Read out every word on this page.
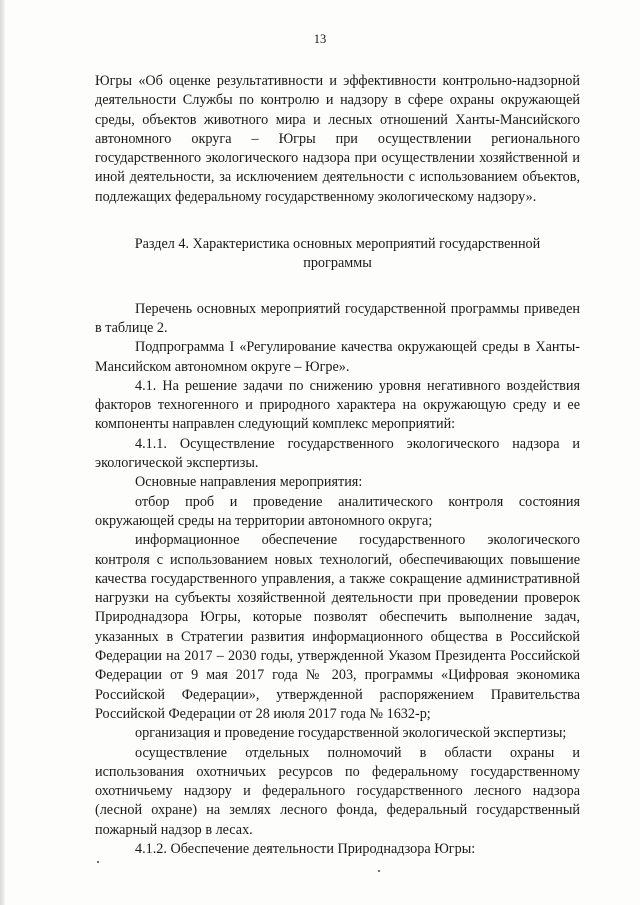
13

Югры «Об оценке результативности и эффективности контрольно-надзорной деятельности Службы по контролю и надзору в сфере охраны окружающей среды, объектов животного мира и лесных отношений Ханты-Мансийского автономного округа – Югры при осуществлении регионального государственного экологического надзора при осуществлении хозяйственной и иной деятельности, за исключением деятельности с использованием объектов, подлежащих федеральному государственному экологическому надзору».

Раздел 4. Характеристика основных мероприятий государственной программы

Перечень основных мероприятий государственной программы приведен в таблице 2.

Подпрограмма I «Регулирование качества окружающей среды в Ханты-Мансийском автономном округе – Югре».

4.1. На решение задачи по снижению уровня негативного воздействия факторов техногенного и природного характера на окружающую среду и ее компоненты направлен следующий комплекс мероприятий:

4.1.1. Осуществление государственного экологического надзора и экологической экспертизы.

Основные направления мероприятия:

отбор проб и проведение аналитического контроля состояния окружающей среды на территории автономного округа;

информационное обеспечение государственного экологического контроля с использованием новых технологий, обеспечивающих повышение качества государственного управления, а также сокращение административной нагрузки на субъекты хозяйственной деятельности при проведении проверок Природнадзора Югры, которые позволят обеспечить выполнение задач, указанных в Стратегии развития информационного общества в Российской Федерации на 2017 – 2030 годы, утвержденной Указом Президента Российской Федерации от 9 мая 2017 года № 203, программы «Цифровая экономика Российской Федерации», утвержденной распоряжением Правительства Российской Федерации от 28 июля 2017 года № 1632-р;

организация и проведение государственной экологической экспертизы;

осуществление отдельных полномочий в области охраны и использования охотничьих ресурсов по федеральному государственному охотничьему надзору и федерального государственного лесного надзора (лесной охране) на землях лесного фонда, федеральный государственный пожарный надзор в лесах.

4.1.2. Обеспечение деятельности Природнадзора Югры:
